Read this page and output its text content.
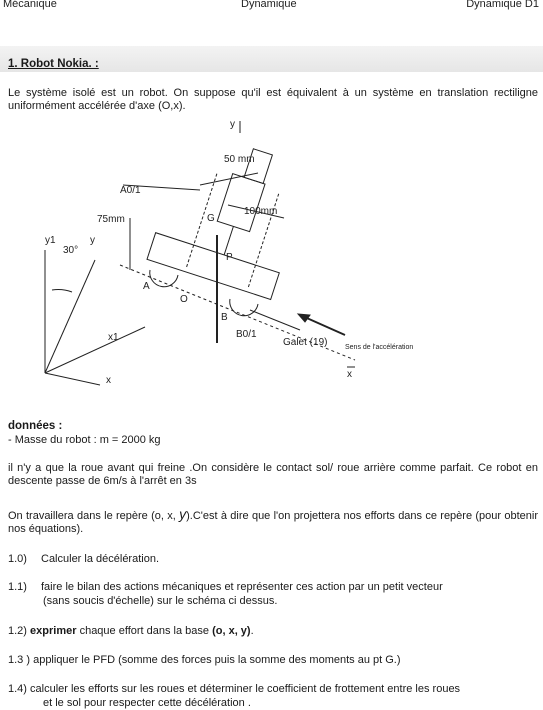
Mécanique	Dynamique	Dynamique D1
1. Robot Nokia. :
Le système isolé est un robot. On suppose qu'il est équivalent à un système en translation rectiligne uniformément accélérée d'axe (O,x).
y
50 mm
100mm
A0/1
75mm	G
P
A
O
B
B0/1
y1
30°
y
x1
x
Galet (19)
x
Sens de l'accélération
données :
- Masse du robot : m = 2000 kg
il n'y a que la roue avant qui freine .On considère le contact sol/ roue arrière comme parfait. Ce robot en descente passe de 6m/s à l'arrêt en 3s
On travaillera dans le repère (o, x, y).C'est à dire que l'on projettera nos efforts dans ce repère (pour obtenir nos équations).
1.0) Calculer la décélération.
1.1) faire le bilan des actions mécaniques et représenter ces action par un petit vecteur
(sans soucis d'échelle) sur le schéma ci dessus.
1.2) exprimer chaque effort dans la base (o, x, y).
1.3 ) appliquer le PFD (somme des forces puis la somme des moments au pt G.)
1.4) calculer les efforts sur les roues et déterminer le coefficient de frottement entre les roues
et le sol pour respecter cette décélération .
